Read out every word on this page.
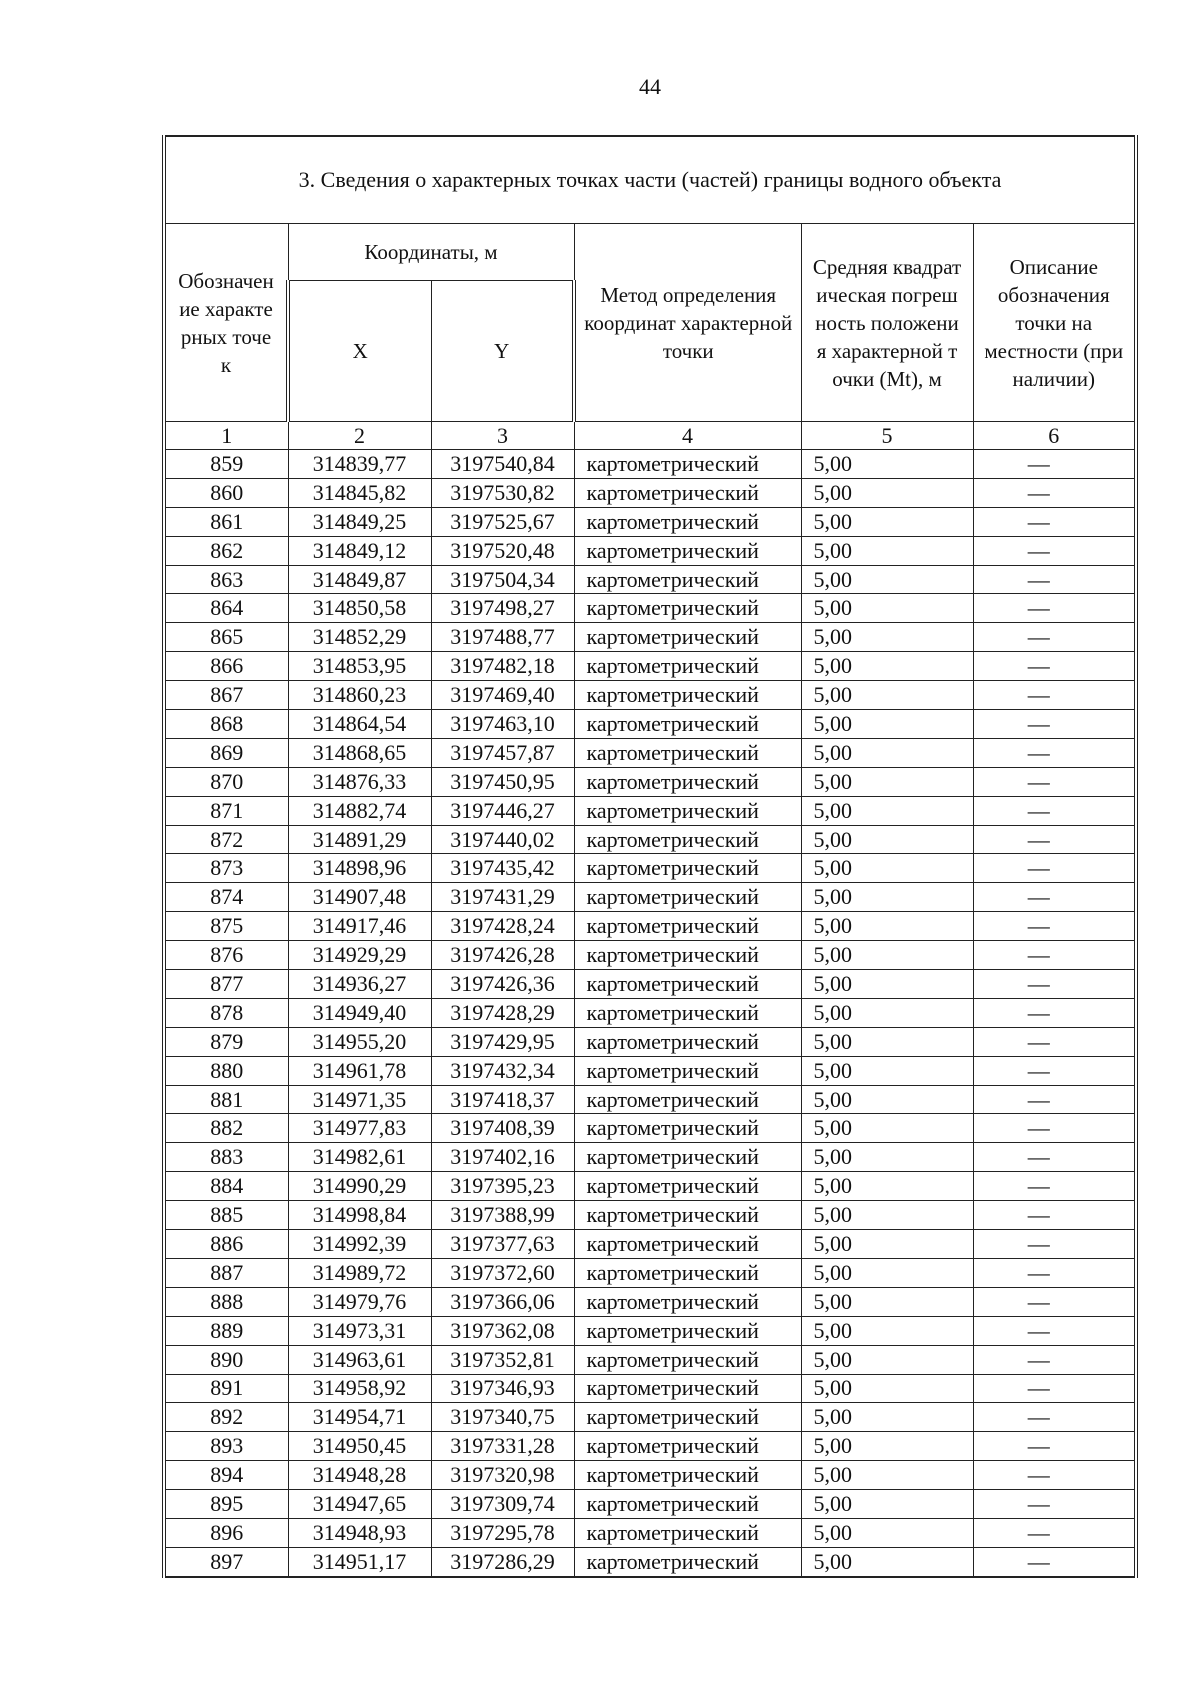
44
3. Сведения о характерных точках части (частей) границы водного объекта					

Обозначение характерных точек	Координаты, м		Метод определения координат характерной точки	Средняя квадратическая погрешность положения характерной точки (Mt), м	Описание обозначения точки на местности (при наличии)

	X	Y			
1	2	3	4	5	6
859	314839,77	3197540,84	картометрический	5,00	—
860	314845,82	3197530,82	картометрический	5,00	—
861	314849,25	3197525,67	картометрический	5,00	—
862	314849,12	3197520,48	картометрический	5,00	—
863	314849,87	3197504,34	картометрический	5,00	—
864	314850,58	3197498,27	картометрический	5,00	—
865	314852,29	3197488,77	картометрический	5,00	—
866	314853,95	3197482,18	картометрический	5,00	—
867	314860,23	3197469,40	картометрический	5,00	—
868	314864,54	3197463,10	картометрический	5,00	—
869	314868,65	3197457,87	картометрический	5,00	—
870	314876,33	3197450,95	картометрический	5,00	—
871	314882,74	3197446,27	картометрический	5,00	—
872	314891,29	3197440,02	картометрический	5,00	—
873	314898,96	3197435,42	картометрический	5,00	—
874	314907,48	3197431,29	картометрический	5,00	—
875	314917,46	3197428,24	картометрический	5,00	—
876	314929,29	3197426,28	картометрический	5,00	—
877	314936,27	3197426,36	картометрический	5,00	—
878	314949,40	3197428,29	картометрический	5,00	—
879	314955,20	3197429,95	картометрический	5,00	—
880	314961,78	3197432,34	картометрический	5,00	—
881	314971,35	3197418,37	картометрический	5,00	—
882	314977,83	3197408,39	картометрический	5,00	—
883	314982,61	3197402,16	картометрический	5,00	—
884	314990,29	3197395,23	картометрический	5,00	—
885	314998,84	3197388,99	картометрический	5,00	—
886	314992,39	3197377,63	картометрический	5,00	—
887	314989,72	3197372,60	картометрический	5,00	—
888	314979,76	3197366,06	картометрический	5,00	—
889	314973,31	3197362,08	картометрический	5,00	—
890	314963,61	3197352,81	картометрический	5,00	—
891	314958,92	3197346,93	картометрический	5,00	—
892	314954,71	3197340,75	картометрический	5,00	—
893	314950,45	3197331,28	картометрический	5,00	—
894	314948,28	3197320,98	картометрический	5,00	—
895	314947,65	3197309,74	картометрический	5,00	—
896	314948,93	3197295,78	картометрический	5,00	—
897	314951,17	3197286,29	картометрический	5,00	—
